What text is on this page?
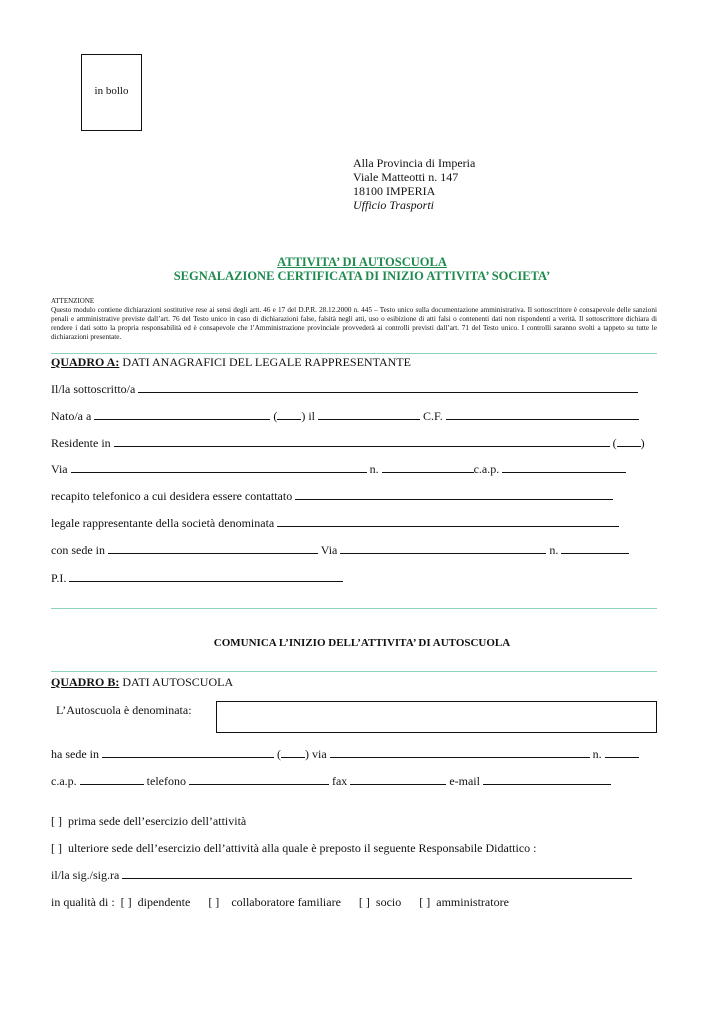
in bollo
Alla Provincia di Imperia
Viale Matteotti n. 147
18100 IMPERIA
Ufficio Trasporti
ATTIVITA’ DI AUTOSCUOLA
SEGNALAZIONE CERTIFICATA DI INIZIO ATTIVITA’ SOCIETA’
ATTENZIONE
Questo modulo contiene dichiarazioni sostitutive rese ai sensi degli artt. 46 e 17 del D.P.R. 28.12.2000 n. 445 – Testo unico sulla documentazione amministrativa. Il sottoscrittore è consapevole delle sanzioni penali e amministrative previste dall’art. 76 del Testo unico in caso di dichiarazioni false, falsità negli atti, uso o esibizione di atti falsi o contenenti dati non rispondenti a verità. Il sottoscrittore dichiara di rendere i dati sotto la propria responsabilità ed è consapevole che l’Amministrazione provinciale provvederà ai controlli previsti dall’art. 71 del Testo unico. I controlli saranno svolti a tappeto su tutte le dichiarazioni presentate.
QUADRO A: DATI ANAGRAFICI DEL LEGALE RAPPRESENTANTE
Il/la sottoscritto/a
Nato/a a	( ) il	C.F.
Residente in	( )
Via	n.	c.a.p.
recapito telefonico a cui desidera essere contattato
legale rappresentante della società denominata
con sede in	Via	n.
P.I.
COMUNICA L’INIZIO DELL’ATTIVITA’ DI AUTOSCUOLA
QUADRO B: DATI AUTOSCUOLA
L’Autoscuola è denominata:
ha sede in	( ) via	n.
c.a.p.	telefono	fax	e-mail
[ ] prima sede dell’esercizio dell’attività
[ ] ulteriore sede dell’esercizio dell’attività alla quale è preposto il seguente Responsabile Didattico :
il/la sig./sig.ra
in qualità di : [ ] dipendente [ ] collaboratore familiare [ ] socio [ ] amministratore
